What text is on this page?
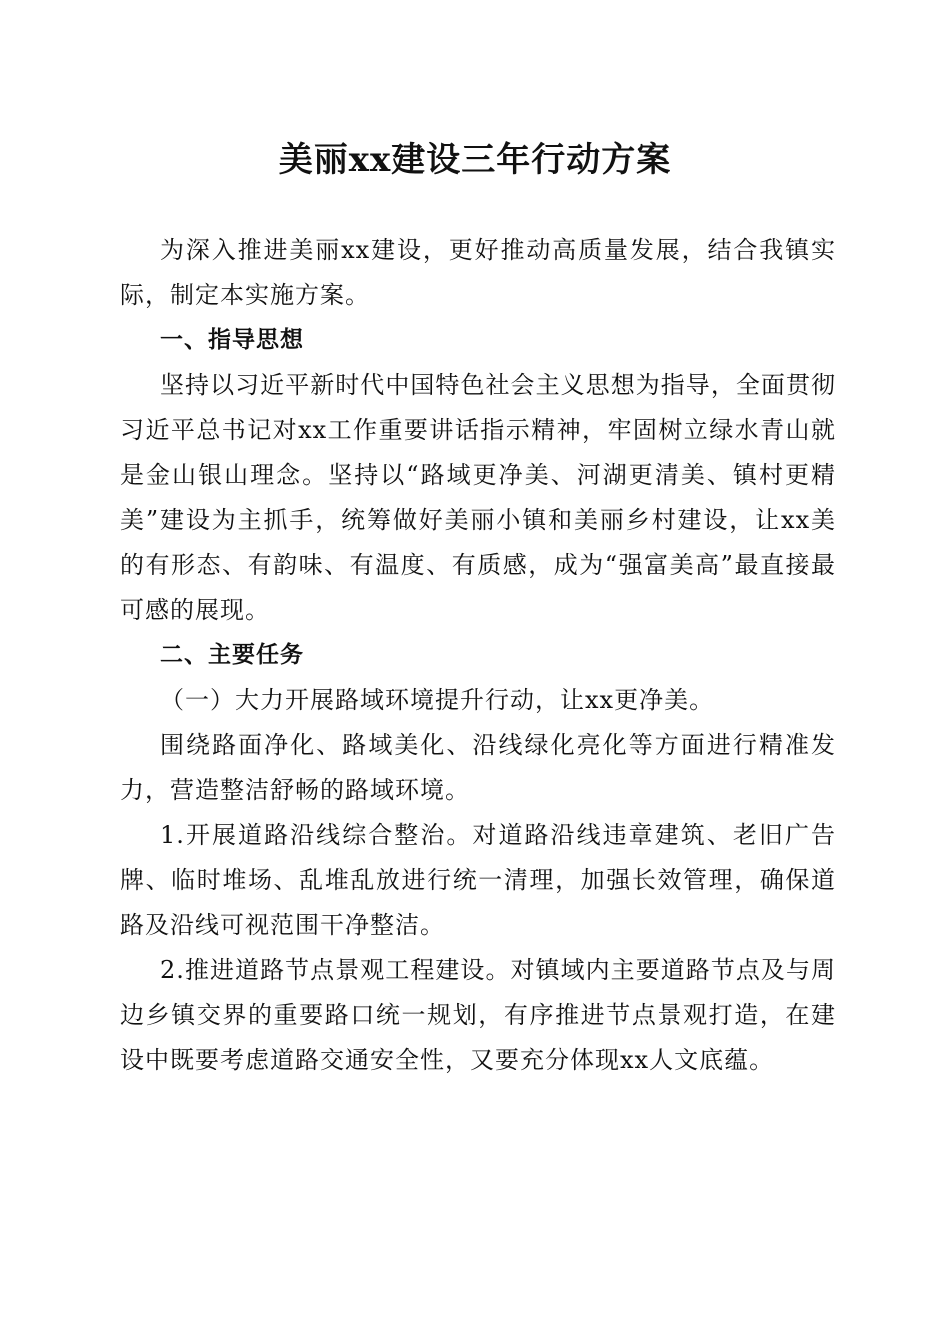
美丽xx建设三年行动方案

为深入推进美丽xx建设，更好推动高质量发展，结合我镇实际，制定本实施方案。

一、指导思想

坚持以习近平新时代中国特色社会主义思想为指导，全面贯彻习近平总书记对xx工作重要讲话指示精神，牢固树立绿水青山就是金山银山理念。坚持以“路域更净美、河湖更清美、镇村更精美”建设为主抓手，统筹做好美丽小镇和美丽乡村建设，让xx美的有形态、有韵味、有温度、有质感，成为“强富美高”最直接最可感的展现。

二、主要任务

（一）大力开展路域环境提升行动，让xx更净美。

围绕路面净化、路域美化、沿线绿化亮化等方面进行精准发力，营造整洁舒畅的路域环境。

1.开展道路沿线综合整治。对道路沿线违章建筑、老旧广告牌、临时堆场、乱堆乱放进行统一清理，加强长效管理，确保道路及沿线可视范围干净整洁。

2.推进道路节点景观工程建设。对镇域内主要道路节点及与周边乡镇交界的重要路口统一规划，有序推进节点景观打造，在建设中既要考虑道路交通安全性，又要充分体现xx人文底蕴。
